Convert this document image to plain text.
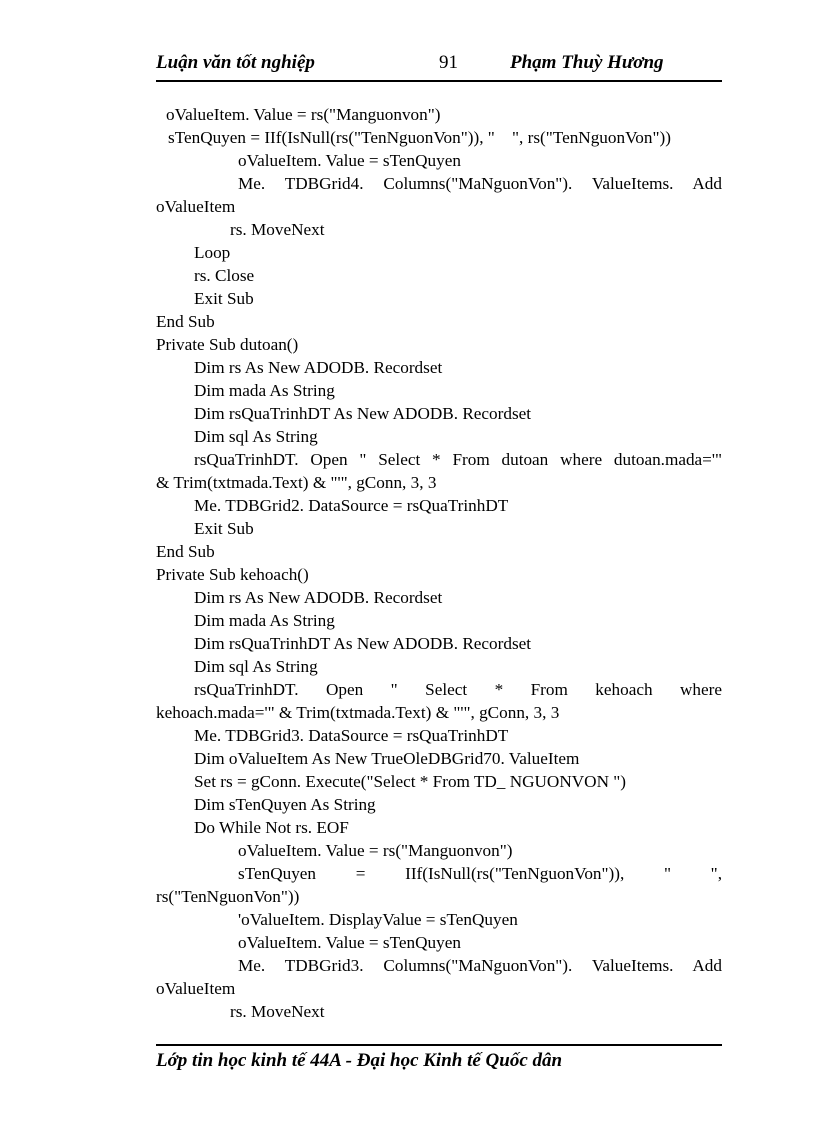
Luận văn tốt nghiệp	91	Phạm Thuỳ Hương
oValueItem. Value = rs("Manguonvon")
sTenQuyen = IIf(IsNull(rs("TenNguonVon")), "    ", rs("TenNguonVon"))
oValueItem. Value = sTenQuyen
Me. TDBGrid4. Columns("MaNguonVon"). ValueItems. Add
oValueItem
rs. MoveNext
Loop
rs. Close
Exit Sub
End Sub
Private Sub dutoan()
Dim rs As New ADODB. Recordset
Dim mada As String
Dim rsQuaTrinhDT As New ADODB. Recordset
Dim sql As String
rsQuaTrinhDT. Open " Select * From dutoan where dutoan.mada='"
& Trim(txtmada.Text) & "'", gConn, 3, 3
Me. TDBGrid2. DataSource = rsQuaTrinhDT
Exit Sub
End Sub
Private Sub kehoach()
Dim rs As New ADODB. Recordset
Dim mada As String
Dim rsQuaTrinhDT As New ADODB. Recordset
Dim sql As String
rsQuaTrinhDT. Open " Select * From kehoach where
kehoach.mada='" & Trim(txtmada.Text) & "'", gConn, 3, 3
Me. TDBGrid3. DataSource = rsQuaTrinhDT
Dim oValueItem As New TrueOleDBGrid70. ValueItem
Set rs = gConn. Execute("Select * From TD_ NGUONVON ")
Dim sTenQuyen As String
Do While Not rs. EOF
oValueItem. Value = rs("Manguonvon")
sTenQuyen = IIf(IsNull(rs("TenNguonVon")), " ",
rs("TenNguonVon"))
'oValueItem. DisplayValue = sTenQuyen
oValueItem. Value = sTenQuyen
Me. TDBGrid3. Columns("MaNguonVon"). ValueItems. Add
oValueItem
rs. MoveNext
Lớp tin học kinh tế 44A - Đại học Kinh tế Quốc dân
